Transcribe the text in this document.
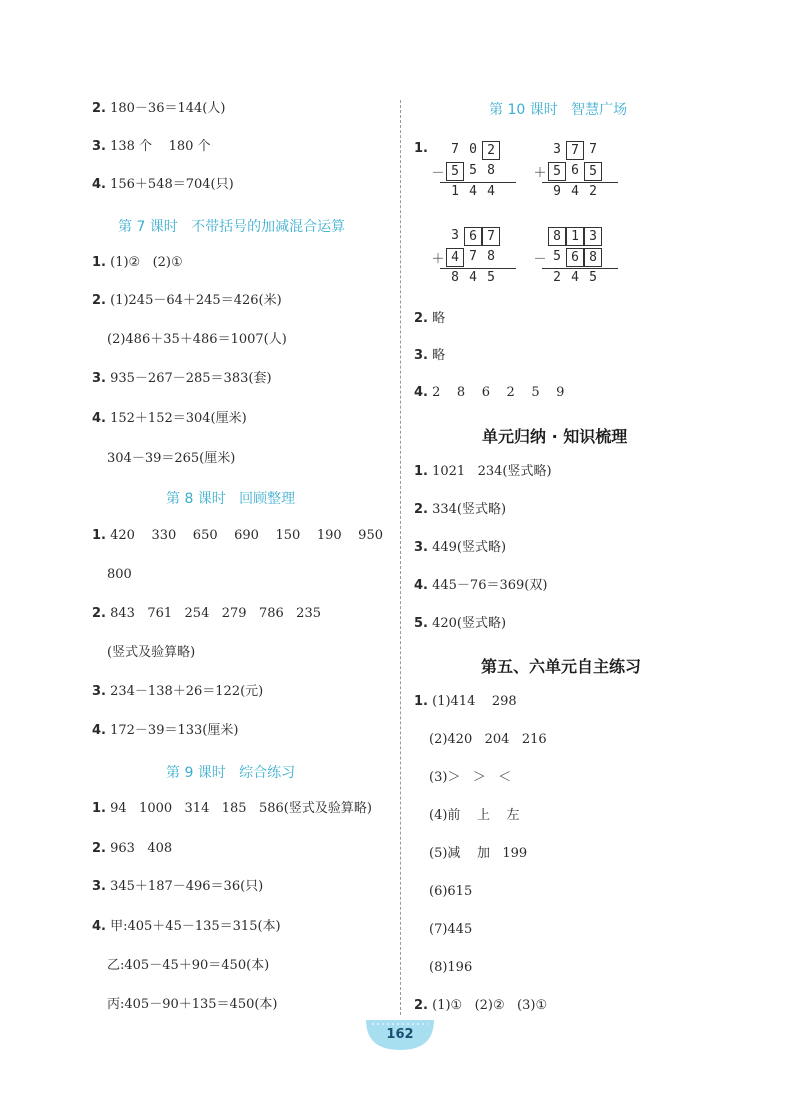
2. 180－36＝144(人)
3. 138 个    180 个
4. 156＋548＝704(只)
第 7 课时   不带括号的加减混合运算
1. (1)②   (2)①
2. (1)245－64＋245＝426(米)
(2)486＋35＋486＝1007(人)
3. 935－267－285＝383(套)
4. 152＋152＝304(厘米)
304－39＝265(厘米)
第 8 课时   回顾整理
1. 420    330    650    690    150    190    950
800
2. 843   761   254   279   786   235
(竖式及验算略)
3. 234－138＋26＝122(元)
4. 172－39＝133(厘米)
第 9 课时   综合练习
1. 94   1000   314   185   586(竖式及验算略)
2. 963   408
3. 345＋187－496＝36(只)
4. 甲:405＋45－135＝315(本)
乙:405－45＋90＝450(本)
丙:405－90＋135＝450(本)
第 10 课时   智慧广场
1.	7 0 2
－ 5 5 8
1 4 4
3 7 7
＋ 5 6 5
9 4 2
3 6 7
＋ 4 7 8
8 4 5
8 1 3
－ 5 6 8
2 4 5
2. 略
3. 略
4. 2    8    6    2    5    9
单元归纳 · 知识梳理
1. 1021   234(竖式略)
2. 334(竖式略)
3. 449(竖式略)
4. 445－76＝369(双)
5. 420(竖式略)
第五、六单元自主练习
1. (1)414    298
(2)420   204   216
(3)＞   ＞   ＜
(4)前    上    左
(5)减    加   199
(6)615
(7)445
(8)196
2. (1)①   (2)②   (3)①
162
